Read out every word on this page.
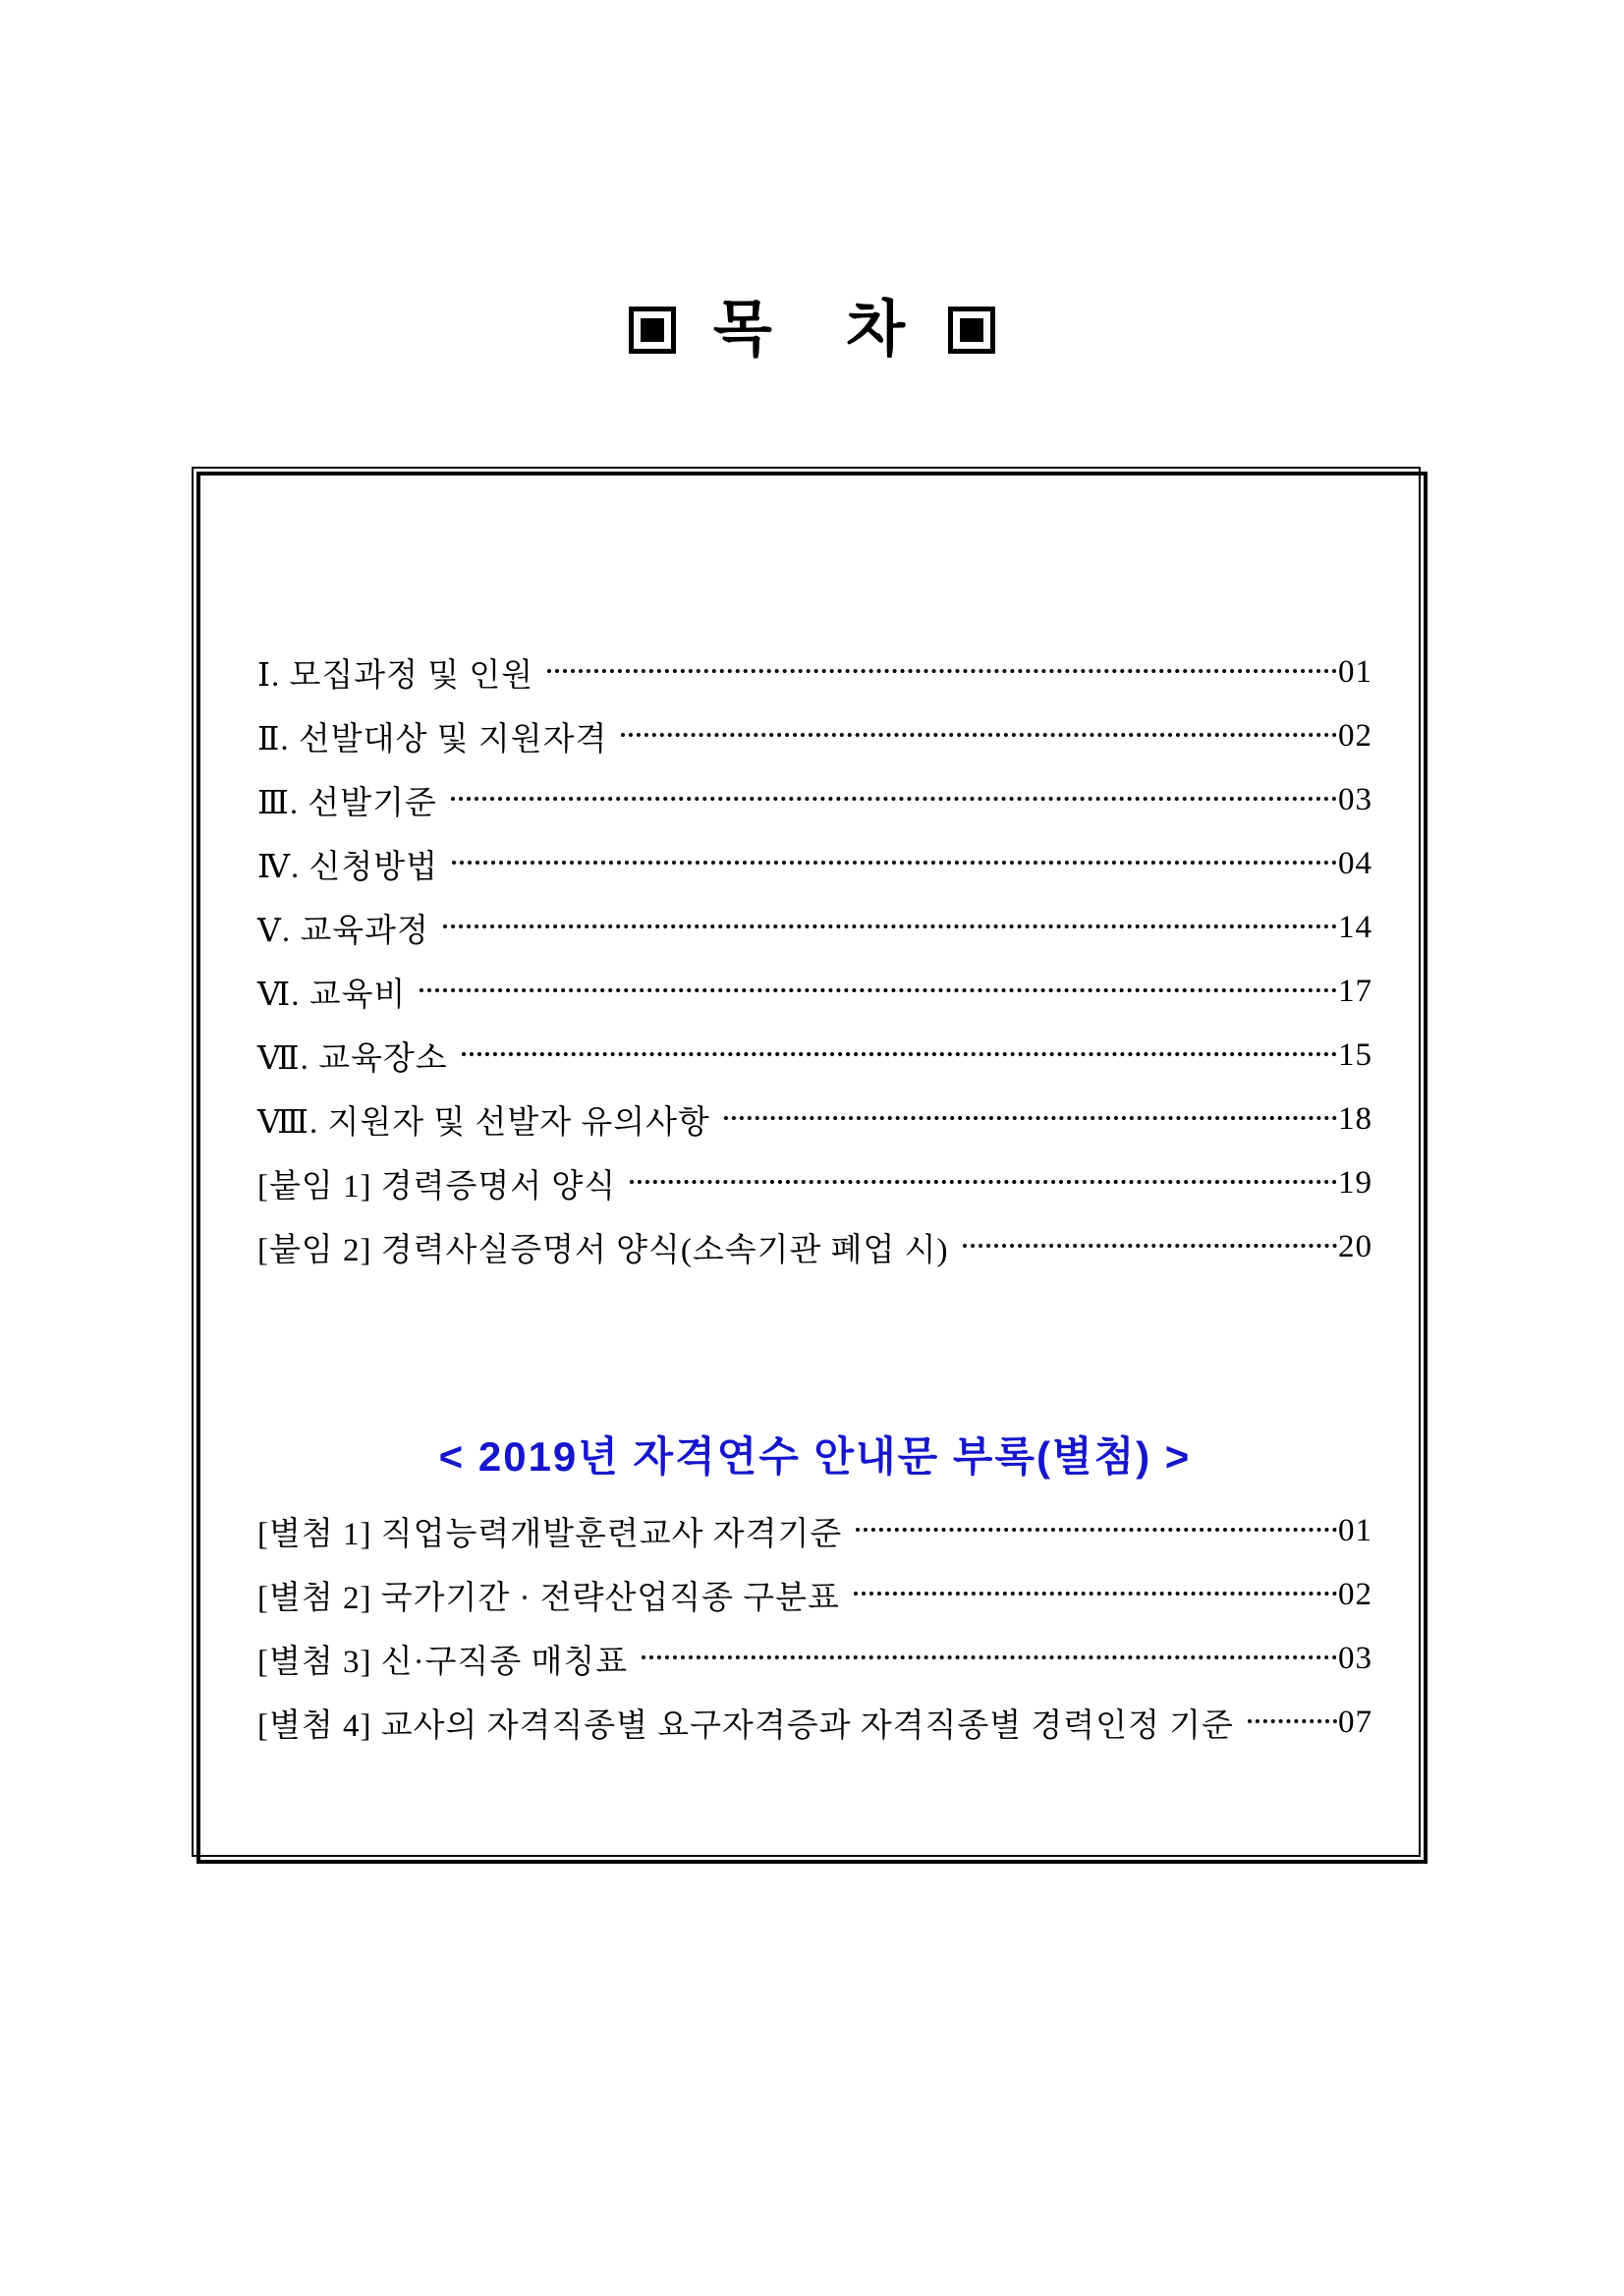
목 차
Ⅰ. 모집과정 및 인원	01
Ⅱ. 선발대상 및 지원자격	02
Ⅲ. 선발기준	03
Ⅳ. 신청방법	04
Ⅴ. 교육과정	14
Ⅵ. 교육비	17
Ⅶ. 교육장소	15
Ⅷ. 지원자 및 선발자 유의사항	18
[붙임 1] 경력증명서 양식	19
[붙임 2] 경력사실증명서 양식(소속기관 폐업 시)	20
< 2019년 자격연수 안내문 부록(별첨) >
[별첨 1] 직업능력개발훈련교사 자격기준	01
[별첨 2] 국가기간 · 전략산업직종 구분표	02
[별첨 3] 신·구직종 매칭표	03
[별첨 4] 교사의 자격직종별 요구자격증과 자격직종별 경력인정 기준	07
